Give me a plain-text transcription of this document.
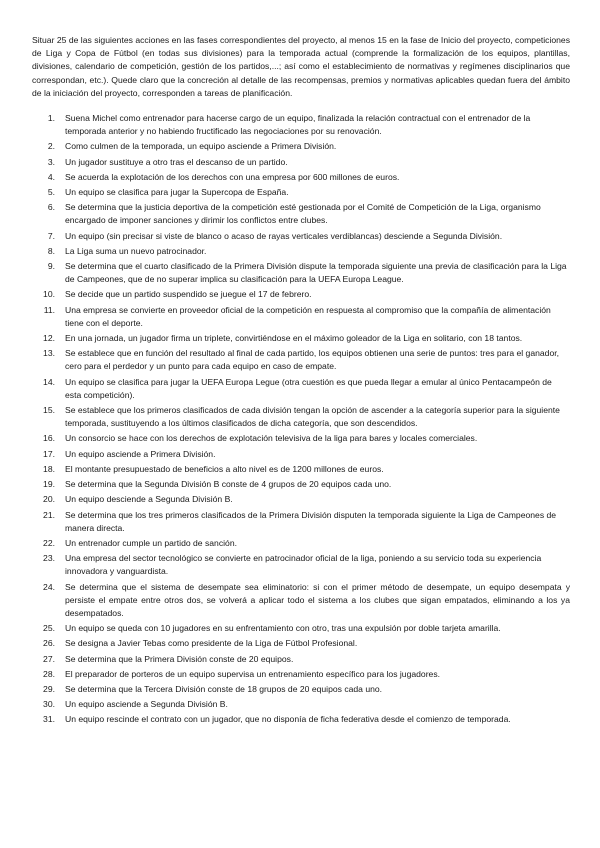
Situar 25 de las siguientes acciones en las fases correspondientes del proyecto, al menos 15 en la fase de Inicio del proyecto, competiciones de Liga y Copa de Fútbol (en todas sus divisiones) para la temporada actual (comprende la formalización de los equipos, plantillas, divisiones, calendario de competición, gestión de los partidos,...; así como el establecimiento de normativas y regímenes disciplinarios que correspondan, etc.). Quede claro que la concreción al detalle de las recompensas, premios y normativas aplicables quedan fuera del ámbito de la iniciación del proyecto, corresponden a tareas de planificación.

1.	Suena Michel como entrenador para hacerse cargo de un equipo, finalizada la relación contractual con el entrenador de la temporada anterior y no habiendo fructificado las negociaciones por su renovación.
2.	Como culmen de la temporada, un equipo asciende a Primera División.
3.	Un jugador sustituye a otro tras el descanso de un partido.
4.	Se acuerda la explotación de los derechos con una empresa por 600 millones de euros.
5.	Un equipo se clasifica para jugar la Supercopa de España.
6.	Se determina que la justicia deportiva de la competición esté gestionada por el Comité de Competición de la Liga, organismo encargado de imponer sanciones y dirimir los conflictos entre clubes.
7.	Un equipo (sin precisar si viste de blanco o acaso de rayas verticales verdiblancas) desciende a Segunda División.
8.	La Liga suma un nuevo patrocinador.
9.	Se determina que el cuarto clasificado de la Primera División dispute la temporada siguiente una previa de clasificación para la Liga de Campeones, que de no superar implica su clasificación para la UEFA Europa League.
10.	Se decide que un partido suspendido se juegue el 17 de febrero.
11.	Una empresa se convierte en proveedor oficial de la competición en respuesta al compromiso que la compañía de alimentación tiene con el deporte.
12.	En una jornada, un jugador firma un triplete, convirtiéndose en el máximo goleador de la Liga en solitario, con 18 tantos.
13.	Se establece que en función del resultado al final de cada partido, los equipos obtienen una serie de puntos: tres para el ganador, cero para el perdedor y un punto para cada equipo en caso de empate.
14.	Un equipo se clasifica para jugar la UEFA Europa Legue (otra cuestión es que pueda llegar a emular al único Pentacampeón de esta competición).
15.	Se establece que los primeros clasificados de cada división tengan la opción de ascender a la categoría superior para la siguiente temporada, sustituyendo a los últimos clasificados de dicha categoría, que son descendidos.
16.	Un consorcio se hace con los derechos de explotación televisiva de la liga para bares y locales comerciales.
17.	Un equipo asciende a Primera División.
18.	El montante presupuestado de beneficios a alto nivel es de 1200 millones de euros.
19.	Se determina que la Segunda División B conste de 4 grupos de 20 equipos cada uno.
20.	Un equipo desciende a Segunda División B.
21.	Se determina que los tres primeros clasificados de la Primera División disputen la temporada siguiente la Liga de Campeones de manera directa.
22.	Un entrenador cumple un partido de sanción.
23.	Una empresa del sector tecnológico se convierte en patrocinador oficial de la liga, poniendo a su servicio toda su experiencia innovadora y vanguardista.
24.	Se determina que el sistema de desempate sea eliminatorio: si con el primer método de desempate, un equipo desempata y persiste el empate entre otros dos, se volverá a aplicar todo el sistema a los clubes que sigan empatados, eliminando a los ya desempatados.
25.	Un equipo se queda con 10 jugadores en su enfrentamiento con otro, tras una expulsión por doble tarjeta amarilla.
26.	Se designa a Javier Tebas como presidente de la Liga de Fútbol Profesional.
27.	Se determina que la Primera División conste de 20 equipos.
28.	El preparador de porteros de un equipo supervisa un entrenamiento específico para los jugadores.
29.	Se determina que la Tercera División conste de 18 grupos de 20 equipos cada uno.
30.	Un equipo asciende a Segunda División B.
31.	Un equipo rescinde el contrato con un jugador, que no disponía de ficha federativa desde el comienzo de temporada.
